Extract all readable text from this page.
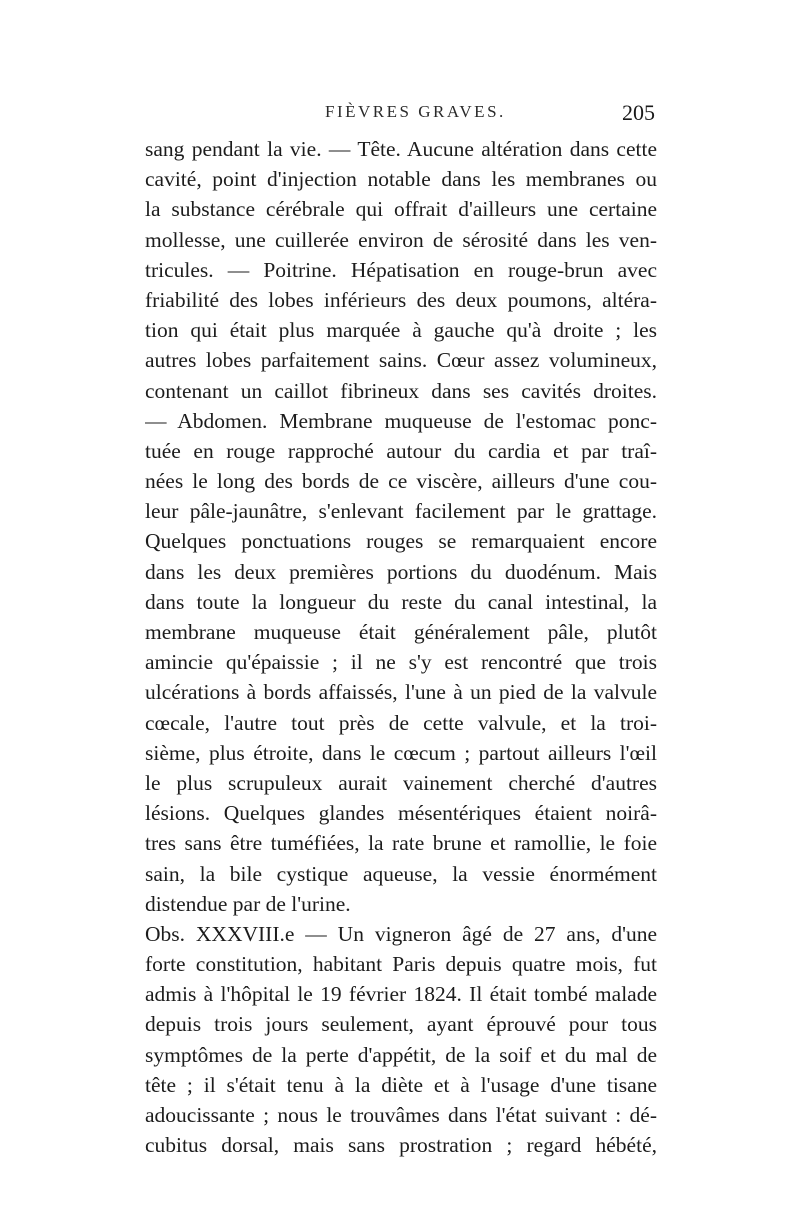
FIÈVRES GRAVES.	205
sang pendant la vie. — Tête. Aucune altération dans cette
cavité, point d'injection notable dans les membranes ou
la substance cérébrale qui offrait d'ailleurs une certaine
mollesse, une cuillerée environ de sérosité dans les ven-
tricules. — Poitrine. Hépatisation en rouge-brun avec
friabilité des lobes inférieurs des deux poumons, altéra-
tion qui était plus marquée à gauche qu'à droite ; les
autres lobes parfaitement sains. Cœur assez volumineux,
contenant un caillot fibrineux dans ses cavités droites.
— Abdomen. Membrane muqueuse de l'estomac ponc-
tuée en rouge rapproché autour du cardia et par traî-
nées le long des bords de ce viscère, ailleurs d'une cou-
leur pâle-jaunâtre, s'enlevant facilement par le grattage.
Quelques ponctuations rouges se remarquaient encore
dans les deux premières portions du duodénum. Mais
dans toute la longueur du reste du canal intestinal, la
membrane muqueuse était généralement pâle, plutôt
amincie qu'épaissie ; il ne s'y est rencontré que trois
ulcérations à bords affaissés, l'une à un pied de la valvule
cœcale, l'autre tout près de cette valvule, et la troi-
sième, plus étroite, dans le cœcum ; partout ailleurs l'œil
le plus scrupuleux aurait vainement cherché d'autres
lésions. Quelques glandes mésentériques étaient noirâ-
tres sans être tuméfiées, la rate brune et ramollie, le foie
sain, la bile cystique aqueuse, la vessie énormément
distendue par de l'urine.
Obs. XXXVIII.e — Un vigneron âgé de 27 ans, d'une
forte constitution, habitant Paris depuis quatre mois, fut
admis à l'hôpital le 19 février 1824. Il était tombé malade
depuis trois jours seulement, ayant éprouvé pour tous
symptômes de la perte d'appétit, de la soif et du mal de
tête ; il s'était tenu à la diète et à l'usage d'une tisane
adoucissante ; nous le trouvâmes dans l'état suivant : dé-
cubitus dorsal, mais sans prostration ; regard hébété,
